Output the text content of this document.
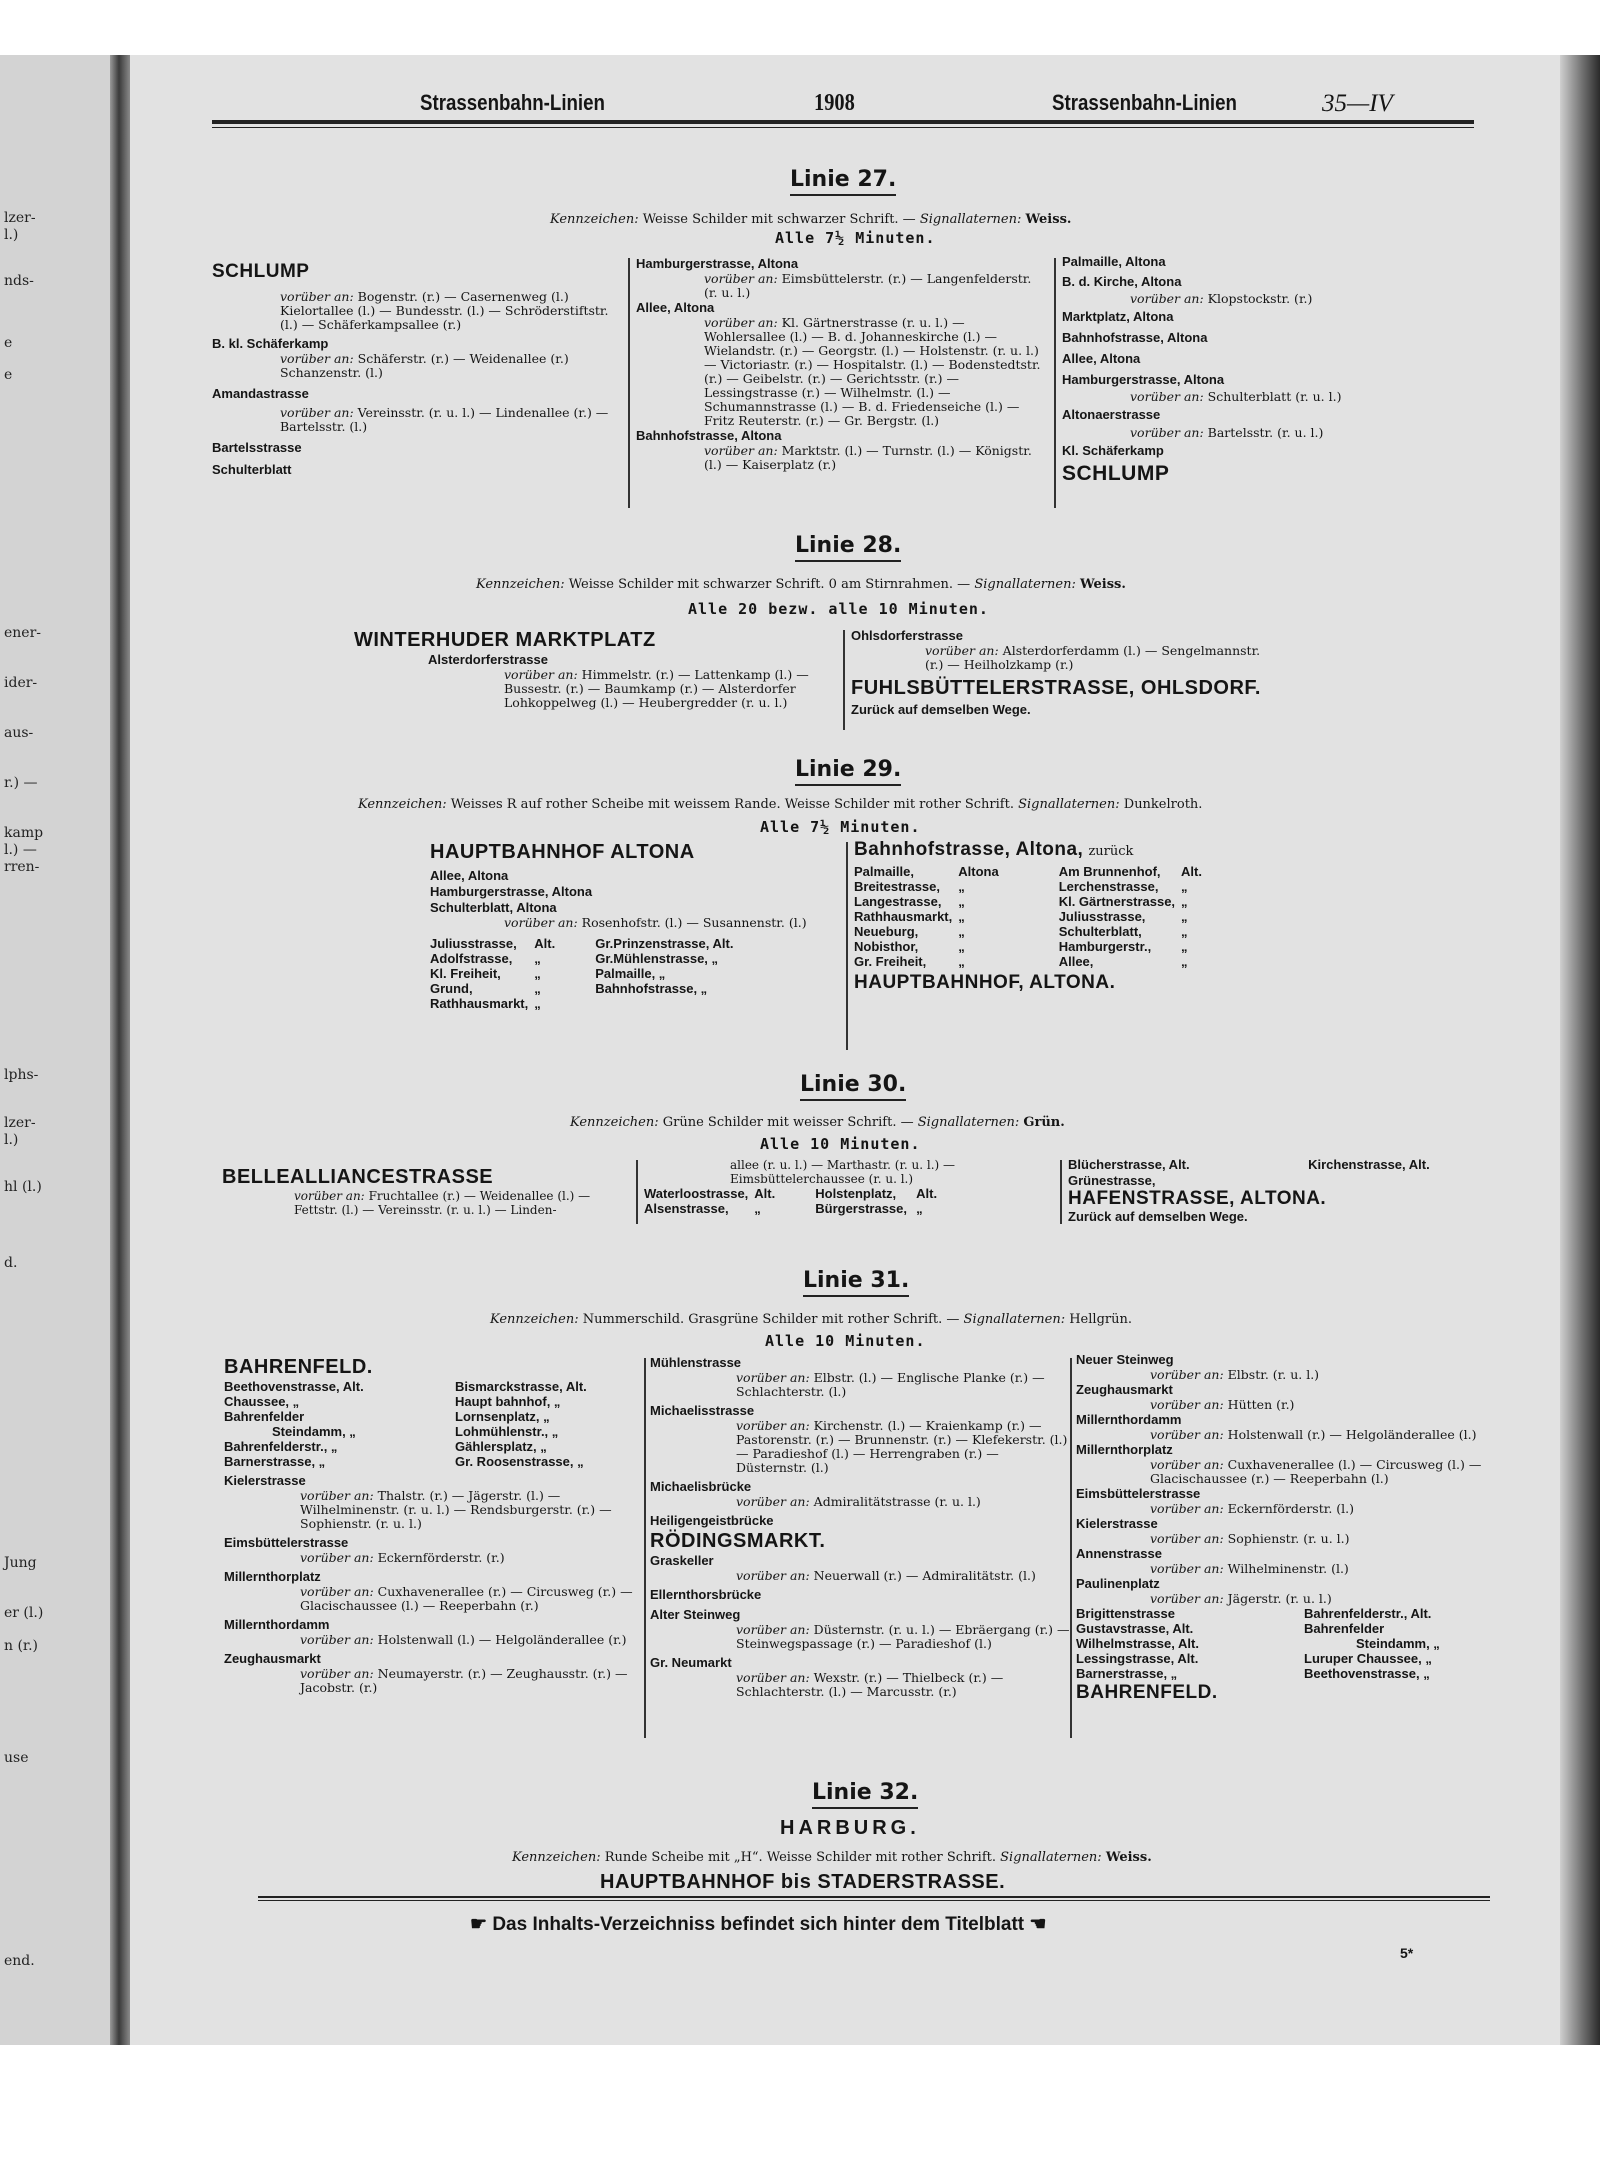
lzer-
l.)
nds-
e
e
ener-
ider-
aus-
r.) —
kamp
l.) —
rren-
lphs-
lzer-
l.)
hl (l.)
d.
Jung
er (l.)
n (r.)
use
end.
Strassenbahn-Linien	1908	Strassenbahn-Linien	35—IV
Linie 27.
Kennzeichen: Weisse Schilder mit schwarzer Schrift. — Signallaternen: Weiss.
Alle 7½ Minuten.
SCHLUMP
vorüber an: Bogenstr. (r.) — Casernenweg (l.) Kielortallee (l.) — Bundesstr. (l.) — Schröderstiftstr. (l.) — Schäferkampsallee (r.)
B. kl. Schäferkamp
vorüber an: Schäferstr. (r.) — Weidenallee (r.) Schanzenstr. (l.)
Amandastrasse
vorüber an: Vereinsstr. (r. u. l.) — Lindenallee (r.) — Bartelsstr. (l.)
Bartelsstrasse
Schulterblatt
Hamburgerstrasse, Altona
vorüber an: Eimsbüttelerstr. (r.) — Langenfelderstr. (r. u. l.)
Allee, Altona
vorüber an: Kl. Gärtnerstrasse (r. u. l.) — Wohlersallee (l.) — B. d. Johanneskirche (l.) — Wielandstr. (r.) — Georgstr. (l.) — Holstenstr. (r. u. l.) — Victoriastr. (r.) — Hospitalstr. (l.) — Bodenstedtstr. (r.) — Geibelstr. (r.) — Gerichtsstr. (r.) — Lessingstrasse (r.) — Wilhelmstr. (l.) — Schumannstrasse (l.) — B. d. Friedenseiche (l.) — Fritz Reuterstr. (r.) — Gr. Bergstr. (l.)
Bahnhofstrasse, Altona
vorüber an: Marktstr. (l.) — Turnstr. (l.) — Königstr. (l.) — Kaiserplatz (r.)
Palmaille, Altona
B. d. Kirche, Altona
vorüber an: Klopstockstr. (r.)
Marktplatz, Altona
Bahnhofstrasse, Altona
Allee, Altona
Hamburgerstrasse, Altona
vorüber an: Schulterblatt (r. u. l.)
Altonaerstrasse
vorüber an: Bartelsstr. (r. u. l.)
Kl. Schäferkamp
SCHLUMP
Linie 28.
Kennzeichen: Weisse Schilder mit schwarzer Schrift. 0 am Stirnrahmen. — Signallaternen: Weiss.
Alle 20 bezw. alle 10 Minuten.
WINTERHUDER MARKTPLATZ
Alsterdorferstrasse
vorüber an: Himmelstr. (r.) — Lattenkamp (l.) — Bussestr. (r.) — Baumkamp (r.) — Alsterdorfer Lohkoppelweg (l.) — Heubergredder (r. u. l.)
Ohlsdorferstrasse
vorüber an: Alsterdorferdamm (l.) — Sengelmannstr. (r.) — Heilholzkamp (r.)
FUHLSBÜTTELERSTRASSE, OHLSDORF.
Zurück auf demselben Wege.
Linie 29.
Kennzeichen: Weisses R auf rother Scheibe mit weissem Rande. Weisse Schilder mit rother Schrift. Signallaternen: Dunkelroth.
Alle 7½ Minuten.
HAUPTBAHNHOF ALTONA
Allee, Altona
Hamburgerstrasse, Altona
Schulterblatt, Altona
vorüber an: Rosenhofstr. (l.) — Susannenstr. (l.)
Juliusstrasse,	Alt.	Gr.Prinzenstrasse, Alt.
Adolfstrasse,	„	Gr.Mühlenstrasse, „
Kl. Freiheit,	„	Palmaille, „
Grund,	„	Bahnhofstrasse, „
Rathhausmarkt,	„	
Bahnhofstrasse, Altona, zurück
Palmaille,	Altona	Am Brunnenhof,	Alt.
Breitestrasse,	„	Lerchenstrasse,	„
Langestrasse,	„	Kl. Gärtnerstrasse,	„
Rathhausmarkt,	„	Juliusstrasse,	„
Neueburg,	„	Schulterblatt,	„
Nobisthor,	„	Hamburgerstr.,	„
Gr. Freiheit,	„	Allee,	„
HAUPTBAHNHOF, ALTONA.
Linie 30.
Kennzeichen: Grüne Schilder mit weisser Schrift. — Signallaternen: Grün.
Alle 10 Minuten.
BELLEALLIANCESTRASSE
vorüber an: Fruchtallee (r.) — Weidenallee (l.) — Fettstr. (l.) — Vereinsstr. (r. u. l.) — Linden-
allee (r. u. l.) — Marthastr. (r. u. l.) — Eimsbüttelerchaussee (r. u. l.)
Waterloostrasse,	Alt.	Holstenplatz,	Alt.
Alsenstrasse,	„	Bürgerstrasse,	„
Blücherstrasse, Alt.	Kirchenstrasse, Alt.
Grünestrasse,
HAFENSTRASSE, ALTONA.
Zurück auf demselben Wege.
Linie 31.
Kennzeichen: Nummerschild. Grasgrüne Schilder mit rother Schrift. — Signallaternen: Hellgrün.
Alle 10 Minuten.
BAHRENFELD.
Beethovenstrasse, Alt.	Bismarckstrasse, Alt.
Chaussee, „	Haupt bahnhof, „
Bahrenfelder	Lornsenplatz, „
Steindamm, „	Lohmühlenstr., „
Bahrenfelderstr., „	Gählersplatz, „
Barnerstrasse, „	Gr. Roosenstrasse, „
Kielerstrasse
vorüber an: Thalstr. (r.) — Jägerstr. (l.) — Wilhelminenstr. (r. u. l.) — Rendsburgerstr. (r.) — Sophienstr. (r. u. l.)
Eimsbüttelerstrasse
vorüber an: Eckernförderstr. (r.)
Millernthorplatz
vorüber an: Cuxhavenerallee (r.) — Circusweg (r.) — Glacischaussee (l.) — Reeperbahn (r.)
Millernthordamm
vorüber an: Holstenwall (l.) — Helgoländerallee (r.)
Zeughausmarkt
vorüber an: Neumayerstr. (r.) — Zeughausstr. (r.) — Jacobstr. (r.)
Mühlenstrasse
vorüber an: Elbstr. (l.) — Englische Planke (r.) — Schlachterstr. (l.)
Michaelisstrasse
vorüber an: Kirchenstr. (l.) — Kraienkamp (r.) — Pastorenstr. (r.) — Brunnenstr. (r.) — Klefekerstr. (l.) — Paradieshof (l.) — Herrengraben (r.) — Düsternstr. (l.)
Michaelisbrücke
vorüber an: Admiralitätstrasse (r. u. l.)
Heiligengeistbrücke
RÖDINGSMARKT.
Graskeller
vorüber an: Neuerwall (r.) — Admiralitätstr. (l.)
Ellernthorsbrücke
Alter Steinweg
vorüber an: Düsternstr. (r. u. l.) — Ebräergang (r.) — Steinwegspassage (r.) — Paradieshof (l.)
Gr. Neumarkt
vorüber an: Wexstr. (r.) — Thielbeck (r.) — Schlachterstr. (l.) — Marcusstr. (r.)
Neuer Steinweg
vorüber an: Elbstr. (r. u. l.)
Zeughausmarkt
vorüber an: Hütten (r.)
Millernthordamm
vorüber an: Holstenwall (r.) — Helgoländerallee (l.)
Millernthorplatz
vorüber an: Cuxhavenerallee (l.) — Circusweg (l.) — Glacischaussee (r.) — Reeperbahn (l.)
Eimsbüttelerstrasse
vorüber an: Eckernförderstr. (l.)
Kielerstrasse
vorüber an: Sophienstr. (r. u. l.)
Annenstrasse
vorüber an: Wilhelminenstr. (l.)
Paulinenplatz
vorüber an: Jägerstr. (r. u. l.)
Brigittenstrasse	Bahrenfelderstr., Alt.
Gustavstrasse, Alt.	Bahrenfelder
Wilhelmstrasse, Alt.	Steindamm, „
Lessingstrasse, Alt.	Luruper Chaussee, „
Barnerstrasse, „	Beethovenstrasse, „
BAHRENFELD.
Linie 32.
HARBURG.
Kennzeichen: Runde Scheibe mit „H“. Weisse Schilder mit rother Schrift. Signallaternen: Weiss.
HAUPTBAHNHOF bis STADERSTRASSE.
☛ Das Inhalts-Verzeichniss befindet sich hinter dem Titelblatt ☚
5*
